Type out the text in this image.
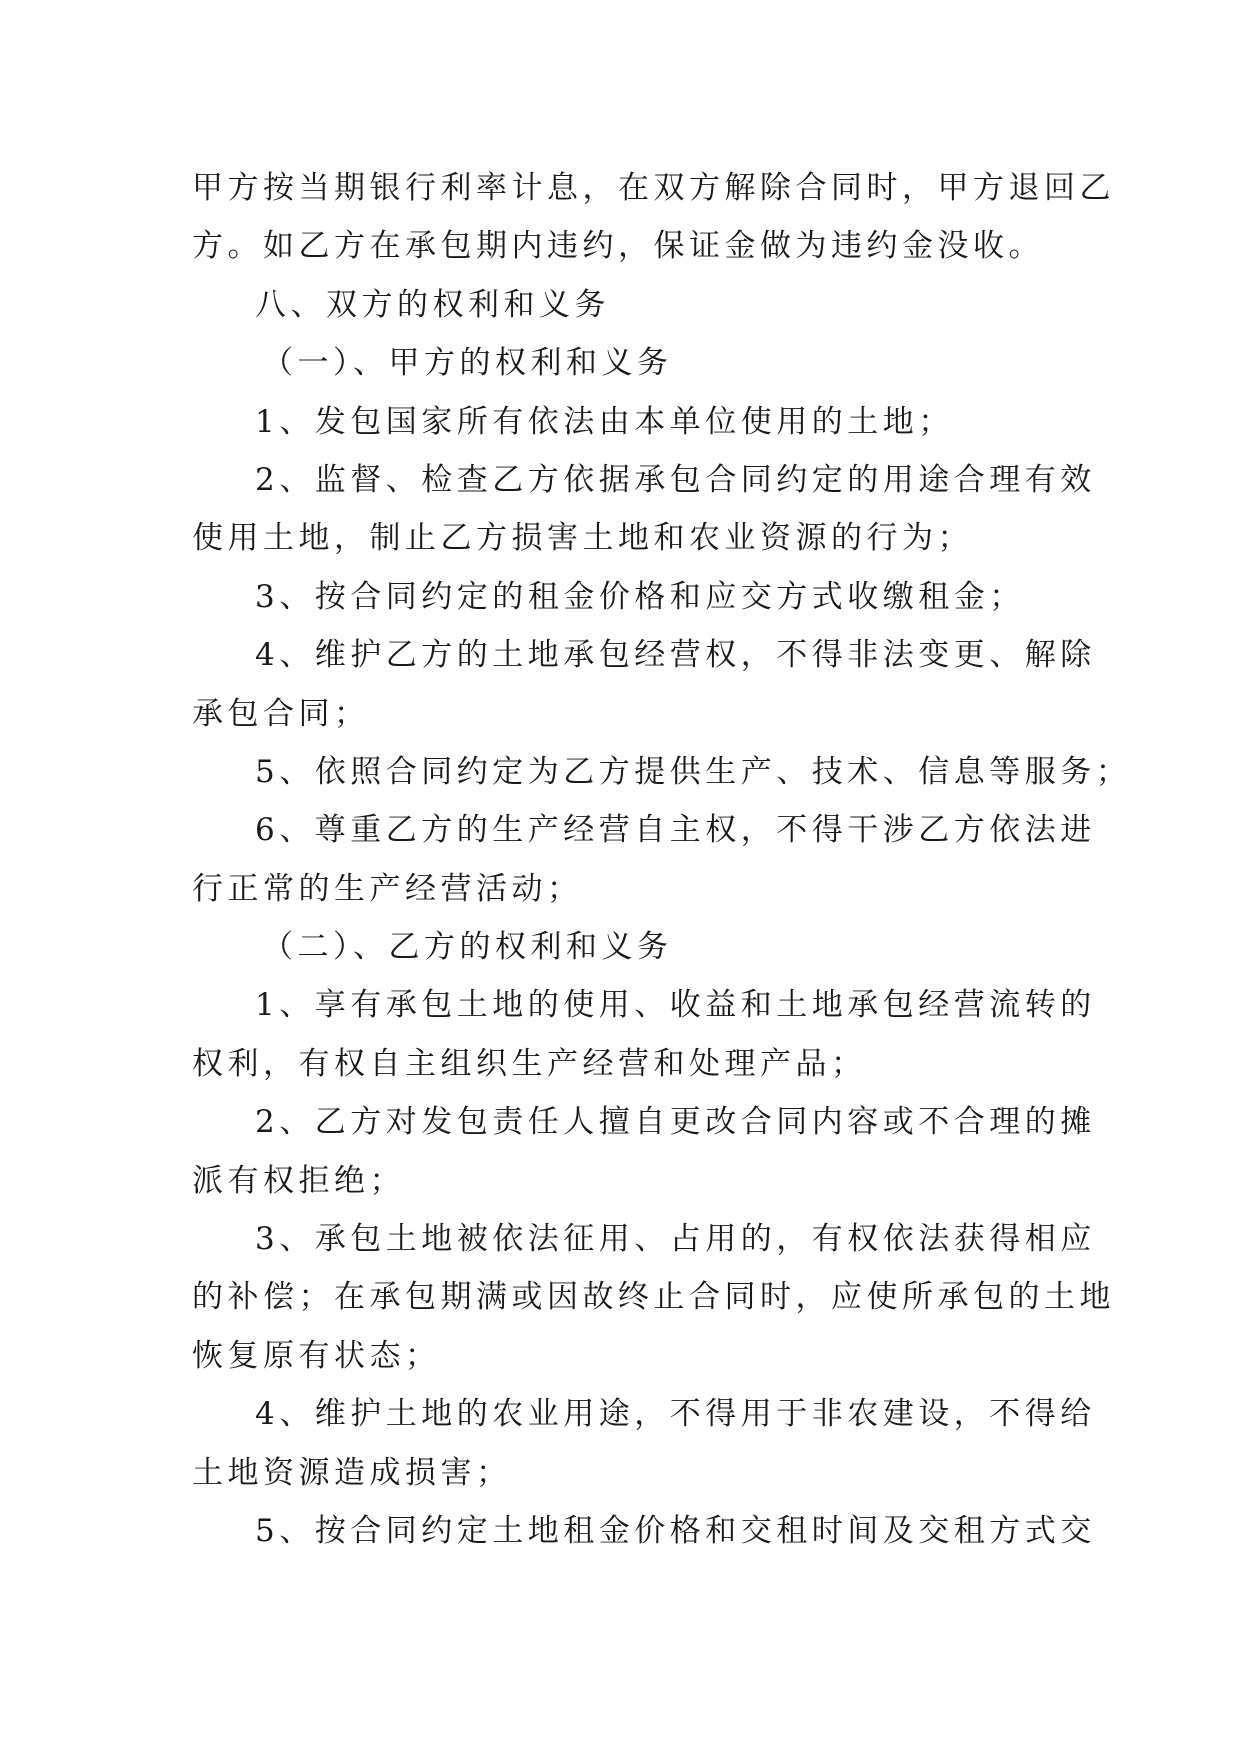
甲方按当期银行利率计息，在双方解除合同时，甲方退回乙
方。如乙方在承包期内违约，保证金做为违约金没收。
八、双方的权利和义务
（一）、甲方的权利和义务
1、发包国家所有依法由本单位使用的土地；
2、监督、检查乙方依据承包合同约定的用途合理有效
使用土地，制止乙方损害土地和农业资源的行为；
3、按合同约定的租金价格和应交方式收缴租金；
4、维护乙方的土地承包经营权，不得非法变更、解除
承包合同；
5、依照合同约定为乙方提供生产、技术、信息等服务；
6、尊重乙方的生产经营自主权，不得干涉乙方依法进
行正常的生产经营活动；
（二）、乙方的权利和义务
1、享有承包土地的使用、收益和土地承包经营流转的
权利，有权自主组织生产经营和处理产品；
2、乙方对发包责任人擅自更改合同内容或不合理的摊
派有权拒绝；
3、承包土地被依法征用、占用的，有权依法获得相应
的补偿；在承包期满或因故终止合同时，应使所承包的土地
恢复原有状态；
4、维护土地的农业用途，不得用于非农建设，不得给
土地资源造成损害；
5、按合同约定土地租金价格和交租时间及交租方式交
